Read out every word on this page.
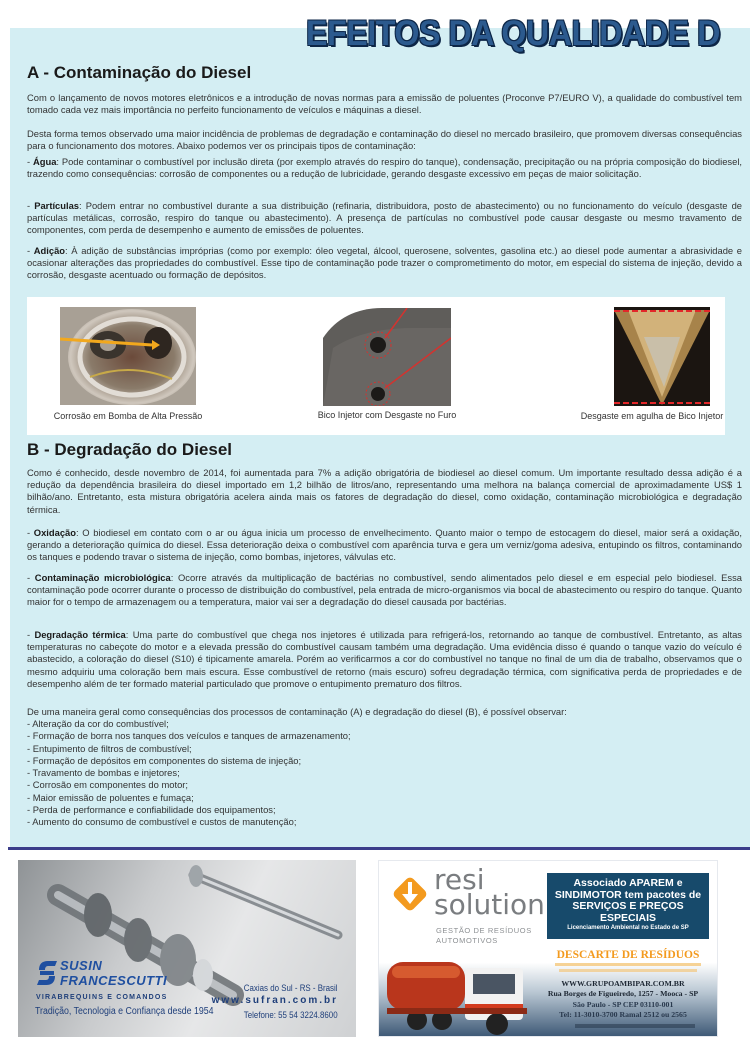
EFEITOS DA QUALIDADE D
A - Contaminação do Diesel

Com o lançamento de novos motores eletrônicos e a introdução de novas normas para a emissão de poluentes (Proconve P7/EURO V), a qualidade do combustível tem tomado cada vez mais importância no perfeito funcionamento de veículos e máquinas a diesel.

Desta forma temos observado uma maior incidência de problemas de degradação e contaminação do diesel no mercado brasileiro, que promovem diversas consequências para o funcionamento dos motores. Abaixo podemos ver os principais tipos de contaminação:

- Água: Pode contaminar o combustível por inclusão direta (por exemplo através do respiro do tanque), condensação, precipitação ou na própria composição do biodiesel, trazendo como consequências: corrosão de componentes ou a redução de lubricidade, gerando desgaste excessivo em peças de maior solicitação.

- Partículas: Podem entrar no combustível durante a sua distribuição (refinaria, distribuidora, posto de abastecimento) ou no funcionamento do veículo (desgaste de partículas metálicas, corrosão, respiro do tanque ou abastecimento). A presença de partículas no combustível pode causar desgaste ou mesmo travamento de componentes, com perda de desempenho e aumento de emissões de poluentes.

- Adição: À adição de substâncias impróprias (como por exemplo: óleo vegetal, álcool, querosene, solventes, gasolina etc.) ao diesel pode aumentar a abrasividade e ocasionar alterações das propriedades do combustível. Esse tipo de contaminação pode trazer o comprometimento do motor, em especial do sistema de injeção, devido a corrosão, desgaste acentuado ou formação de depósitos.

Corrosão em Bomba de Alta Pressão	Bico Injetor com Desgaste no Furo	Desgaste em agulha de Bico Injetor
B - Degradação do Diesel

Como é conhecido, desde novembro de 2014, foi aumentada para 7% a adição obrigatória de biodiesel ao diesel comum. Um importante resultado dessa adição é a redução da dependência brasileira do diesel importado em 1,2 bilhão de litros/ano, representando uma melhora na balança comercial de aproximadamente US$ 1 bilhão/ano. Entretanto, esta mistura obrigatória acelera ainda mais os fatores de degradação do diesel, como oxidação, contaminação microbiológica e degradação térmica.

- Oxidação: O biodiesel em contato com o ar ou água inicia um processo de envelhecimento. Quanto maior o tempo de estocagem do diesel, maior será a oxidação, gerando a deterioração química do diesel. Essa deterioração deixa o combustível com aparência turva e gera um verniz/goma adesiva, entupindo os filtros, contaminando os tanques e podendo travar o sistema de injeção, como bombas, injetores, válvulas etc.

- Contaminação microbiológica: Ocorre através da multiplicação de bactérias no combustível, sendo alimentados pelo diesel e em especial pelo biodiesel. Essa contaminação pode ocorrer durante o processo de distribuição do combustível, pela entrada de micro-organismos via bocal de abastecimento ou respiro do tanque. Quanto maior for o tempo de armazenagem ou a temperatura, maior vai ser a degradação do diesel causada por bactérias.

- Degradação térmica: Uma parte do combustível que chega nos injetores é utilizada para refrigerá-los, retornando ao tanque de combustível. Entretanto, as altas temperaturas no cabeçote do motor e a elevada pressão do combustível causam também uma degradação. Uma evidência disso é quando o tanque vazio do veículo é abastecido, a coloração do diesel (S10) é tipicamente amarela. Porém ao verificarmos a cor do combustível no tanque no final de um dia de trabalho, observamos que o mesmo adquiriu uma coloração bem mais escura. Esse combustível de retorno (mais escuro) sofreu degradação térmica, com significativa perda de propriedades e de desempenho além de ter formado material particulado que promove o entupimento prematuro dos filtros.

De uma maneira geral como consequências dos processos de contaminação (A) e degradação do diesel (B), é possível observar:

- Alteração da cor do combustível;
- Formação de borra nos tanques dos veículos e tanques de armazenamento;
- Entupimento de filtros de combustível;
- Formação de depósitos em componentes do sistema de injeção;
- Travamento de bombas e injetores;
- Corrosão em componentes do motor;
- Maior emissão de poluentes e fumaça;
- Perda de performance e confiabilidade dos equipamentos;
- Aumento do consumo de combustível e custos de manutenção;
SUSIN
FRANCESCUTTI
VIRABREQUINS E COMANDOS
Tradição, Tecnologia e Confiança desde 1954
Caxias do Sul - RS - Brasil
www.sufran.com.br
Telefone: 55 54 3224.8600
resi
solution
GESTÃO DE RESÍDUOS
AUTOMOTIVOS
Associado APAREM e
SINDIMOTOR tem pacotes de
SERVIÇOS E PREÇOS
ESPECIAIS
Licenciamento Ambiental no Estado de SP
DESCARTE DE RESÍDUOS
WWW.GRUPOAMBIPAR.COM.BR
Rua Borges de Figueiredo, 1257 - Mooca - SP
São Paulo - SP CEP 03110-001
Tel: 11-3010-3700 Ramal 2512 ou 2565
